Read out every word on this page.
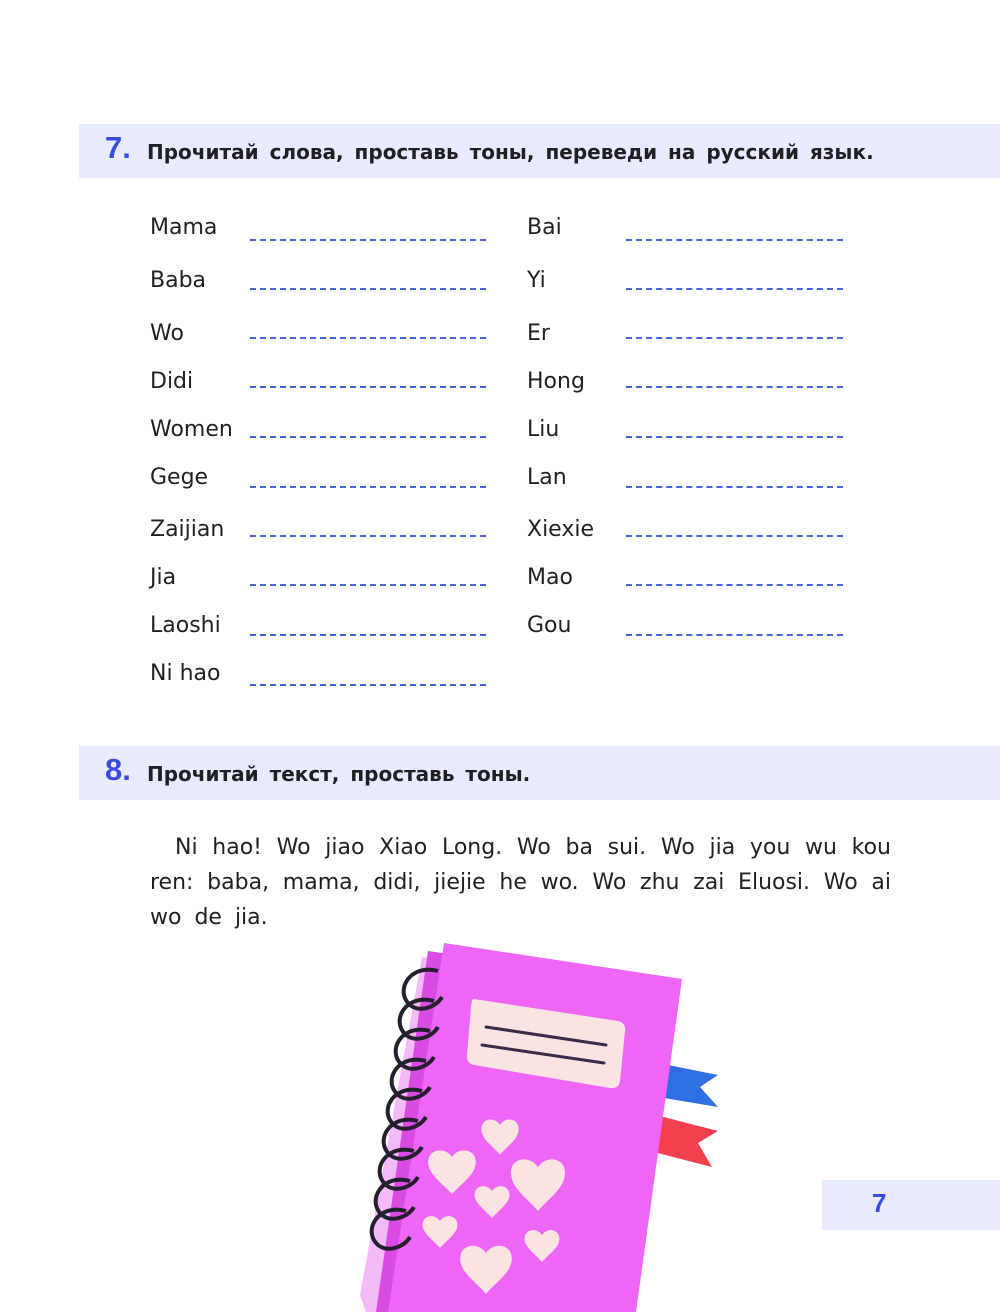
7. Прочитай слова, проставь тоны, переведи на русский язык.
Mama
Baba
Wo
Didi
Women
Gege
Zaijian
Jia
Laoshi
Ni hao
Bai
Yi
Er
Hong
Liu
Lan
Xiexie
Mao
Gou
8. Прочитай текст, проставь тоны.
Ni hao! Wo jiao Xiao Long. Wo ba sui. Wo jia you wu kou ren: baba, mama, didi, jiejie he wo. Wo zhu zai Eluosi. Wo ai wo de jia.
7
